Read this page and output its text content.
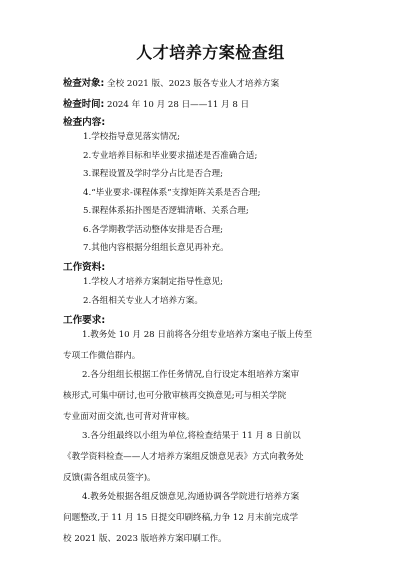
人才培养方案检查组
检查对象: 全校 2021 版、2023 版各专业人才培养方案
检查时间: 2024 年 10 月 28 日——11 月 8 日
检查内容:
1.学校指导意见落实情况;
2.专业培养目标和毕业要求描述是否准确合适;
3.课程设置及学时学分占比是否合理;
4.“毕业要求-课程体系”支撑矩阵关系是否合理;
5.课程体系拓扑图是否逻辑清晰、关系合理;
6.各学期教学活动整体安排是否合理;
7.其他内容根据分组组长意见再补充。
工作资料:
1.学校人才培养方案制定指导性意见;
2.各组相关专业人才培养方案。
工作要求:

1.教务处 10 月 28 日前将各分组专业培养方案电子版上传至
专项工作微信群内。

2.各分组组长根据工作任务情况,自行设定本组培养方案审
核形式,可集中研讨,也可分散审核再交换意见;可与相关学院
专业面对面交流,也可背对背审核。

3.各分组最终以小组为单位,将检查结果于 11 月 8 日前以
《教学资料检查——人才培养方案组反馈意见表》方式向教务处
反馈(需各组成员签字)。

4.教务处根据各组反馈意见,沟通协调各学院进行培养方案
问题整改,于 11 月 15 日提交印刷终稿,力争 12 月末前完成学
校 2021 版、2023 版培养方案印刷工作。
